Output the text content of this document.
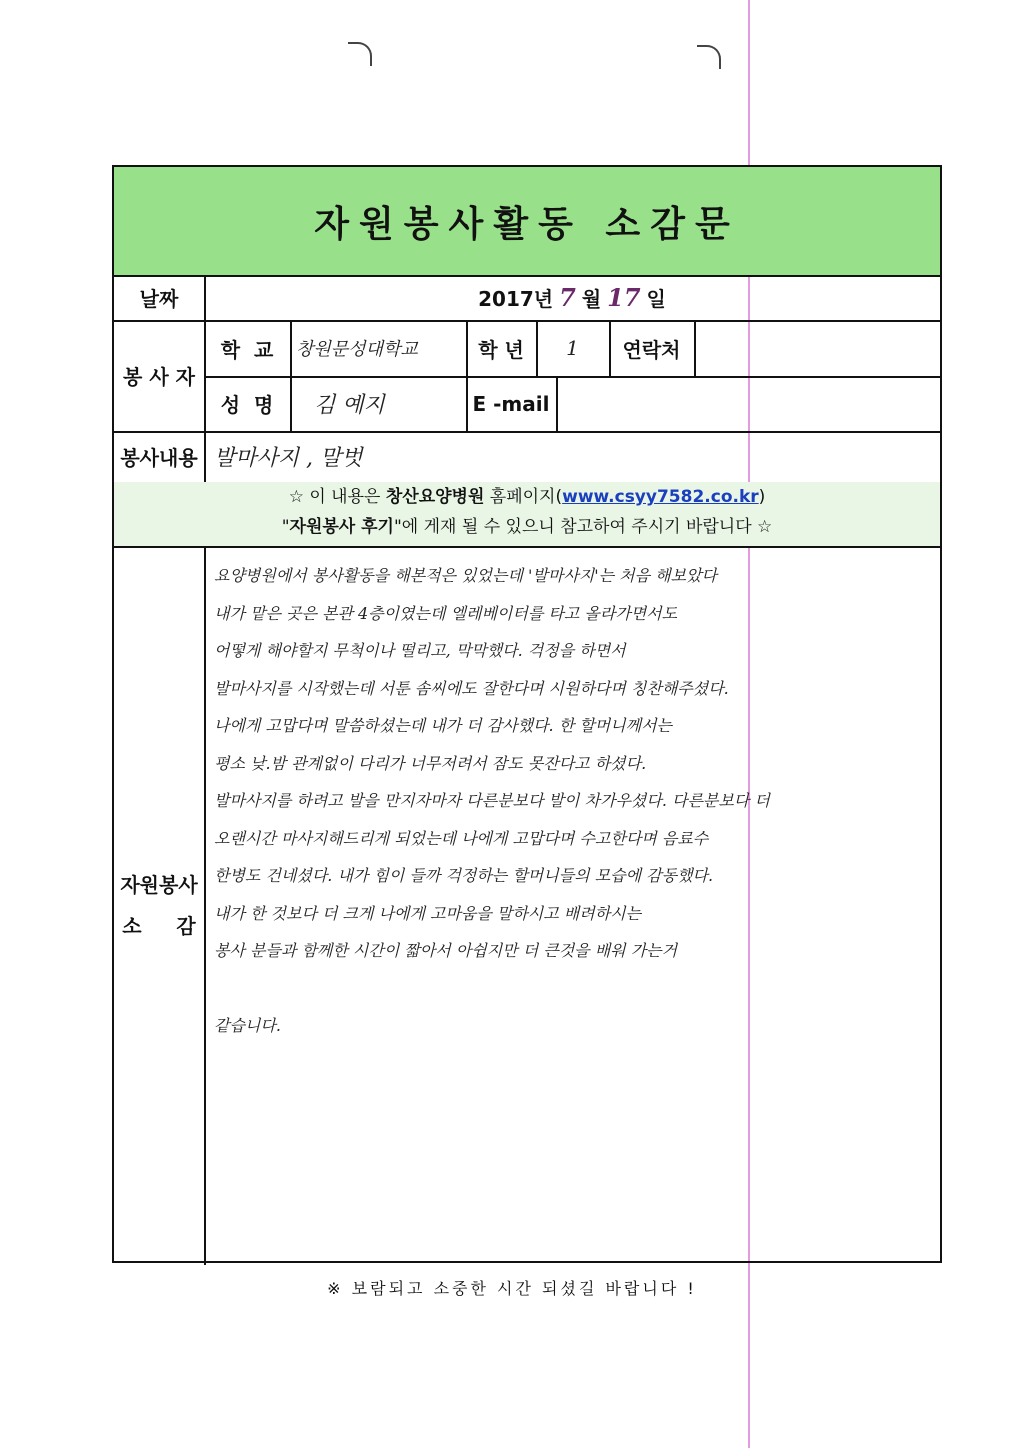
자원봉사활동 소감문
날짜	2017년 7 월 17 일
봉 사 자
학  교	창원문성대학교	학 년	1	연락처
성  명	김 예지	E -mail
봉사내용 발마사지 , 말벗
☆ 이 내용은 창산요양병원 홈페이지(www.csyy7582.co.kr)
"자원봉사 후기"에 게재 될 수 있으니 참고하여 주시기 바랍니다 ☆
자원봉사
소     감
요양병원에서 봉사활동을 해본적은 있었는데 '발마사지'는 처음 해보았다
내가 맡은 곳은 본관 4층이였는데 엘레베이터를 타고 올라가면서도
어떻게 해야할지 무척이나 떨리고, 막막했다. 걱정을 하면서
발마사지를 시작했는데 서툰 솜씨에도 잘한다며 시원하다며 칭찬해주셨다.
나에게 고맙다며 말씀하셨는데 내가 더 감사했다. 한 할머니께서는
평소 낮.밤 관계없이 다리가 너무저려서 잠도 못잔다고 하셨다.
발마사지를 하려고 발을 만지자마자 다른분보다 발이 차가우셨다. 다른분보다 더
오랜시간 마사지해드리게 되었는데 나에게 고맙다며 수고한다며 음료수
한병도 건네셨다. 내가 힘이 들까 걱정하는 할머니들의 모습에 감동했다.
내가 한 것보다 더 크게 나에게 고마움을 말하시고 배려하시는
봉사 분들과 함께한 시간이 짧아서 아쉽지만 더 큰것을 배워 가는거
같습니다.
※ 보람되고 소중한 시간 되셨길 바랍니다 !
